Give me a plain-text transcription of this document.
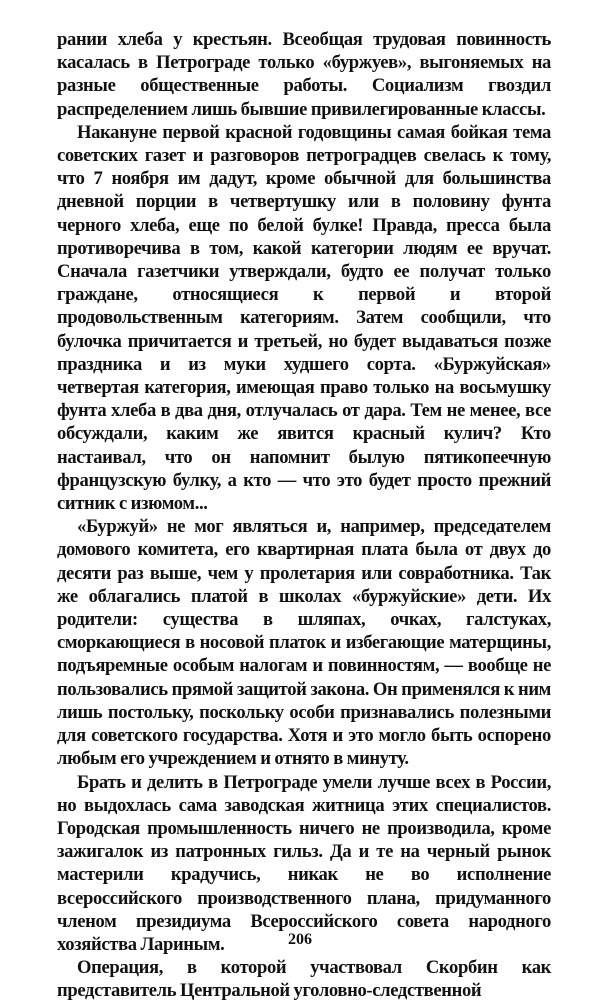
рании хлеба у крестьян. Всеобщая трудовая повинность касалась в Петрограде только «буржуев», выгоняемых на разные общественные работы. Социализм гвоздил распределением лишь бывшие привилегированные классы.

Накануне первой красной годовщины самая бойкая тема советских газет и разговоров петроградцев свелась к тому, что 7 ноября им дадут, кроме обычной для большинства дневной порции в четвертушку или в половину фунта черного хлеба, еще по белой булке! Правда, пресса была противоречива в том, какой категории людям ее вручат. Сначала газетчики утверждали, будто ее получат только граждане, относящиеся к первой и второй продовольственным категориям. Затем сообщили, что булочка причитается и третьей, но будет выдаваться позже праздника и из муки худшего сорта. «Буржуйская» четвертая категория, имеющая право только на восьмушку фунта хлеба в два дня, отлучалась от дара. Тем не менее, все обсуждали, каким же явится красный кулич? Кто настаивал, что он напомнит былую пятикопеечную французскую булку, а кто — что это будет просто прежний ситник с изюмом...

«Буржуй» не мог являться и, например, председателем домового комитета, его квартирная плата была от двух до десяти раз выше, чем у пролетария или совработника. Так же облагались платой в школах «буржуйские» дети. Их родители: существа в шляпах, очках, галстуках, сморкающиеся в носовой платок и избегающие матерщины, подъяремные особым налогам и повинностям, — вообще не пользовались прямой защитой закона. Он применялся к ним лишь постольку, поскольку особи признавались полезными для советского государства. Хотя и это могло быть оспорено любым его учреждением и отнято в минуту.

Брать и делить в Петрограде умели лучше всех в России, но выдохлась сама заводская житница этих специалистов. Городская промышленность ничего не производила, кроме зажигалок из патронных гильз. Да и те на черный рынок мастерили крадучись, никак не во исполнение всероссийского производственного плана, придуманного членом президиума Всероссийского совета народного хозяйства Лариным.

Операция, в которой участвовал Скорбин как представитель Центральной уголовно-следственной

206
